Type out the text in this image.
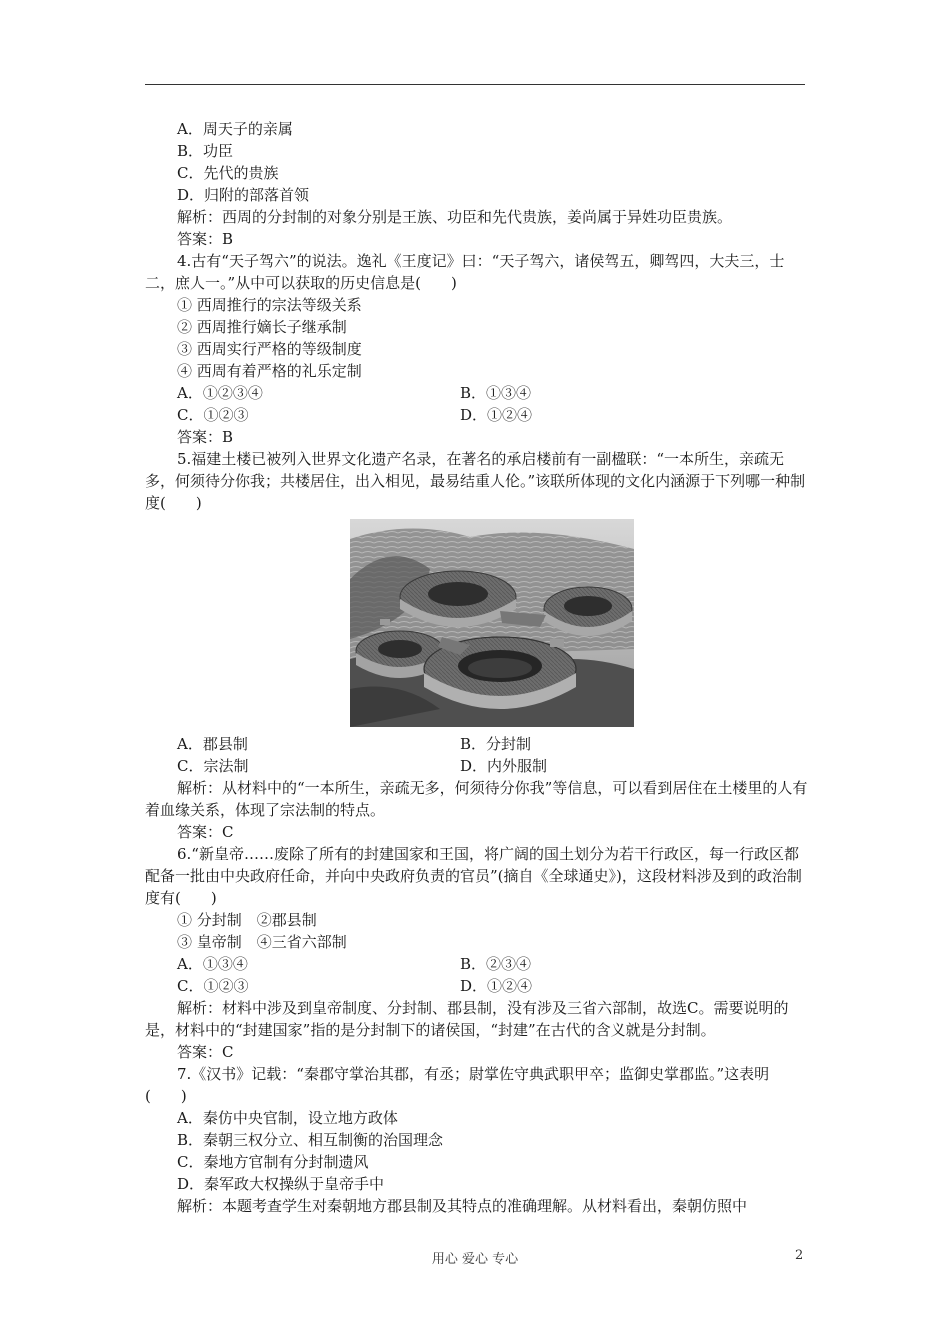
A．周天子的亲属
B．功臣
C．先代的贵族
D．归附的部落首领
解析：西周的分封制的对象分别是王族、功臣和先代贵族，姜尚属于异姓功臣贵族。
答案：B
4.古有“天子驾六”的说法。逸礼《王度记》曰：“天子驾六，诸侯驾五，卿驾四，大夫三，士二，庶人一。”从中可以获取的历史信息是(　　)
① 西周推行的宗法等级关系
② 西周推行嫡长子继承制
③ 西周实行严格的等级制度
④ 西周有着严格的礼乐定制
A．①②③④	B．①③④
C．①②③	D．①②④
答案：B
5.福建土楼已被列入世界文化遗产名录，在著名的承启楼前有一副楹联：“一本所生，亲疏无多，何须待分你我；共楼居住，出入相见，最易结重人伦。”该联所体现的文化内涵源于下列哪一种制度(　　)
A．郡县制	B．分封制
C．宗法制	D．内外服制
解析：从材料中的“一本所生，亲疏无多，何须待分你我”等信息，可以看到居住在土楼里的人有着血缘关系，体现了宗法制的特点。
答案：C
6.“新皇帝……废除了所有的封建国家和王国，将广阔的国土划分为若干行政区，每一行政区都配备一批由中央政府任命，并向中央政府负责的官员”(摘自《全球通史》)，这段材料涉及到的政治制度有(　　)
① 分封制　②郡县制
③ 皇帝制　④三省六部制
A．①③④	B．②③④
C．①②③	D．①②④
解析：材料中涉及到皇帝制度、分封制、郡县制，没有涉及三省六部制，故选C。需要说明的是，材料中的“封建国家”指的是分封制下的诸侯国，“封建”在古代的含义就是分封制。
答案：C
7.《汉书》记载：“秦郡守掌治其郡，有丞；尉掌佐守典武职甲卒；监御史掌郡监。”这表明(　　)
A．秦仿中央官制，设立地方政体
B．秦朝三权分立、相互制衡的治国理念
C．秦地方官制有分封制遗风
D．秦军政大权操纵于皇帝手中
解析：本题考查学生对秦朝地方郡县制及其特点的准确理解。从材料看出，秦朝仿照中
用心 爱心 专心	2
